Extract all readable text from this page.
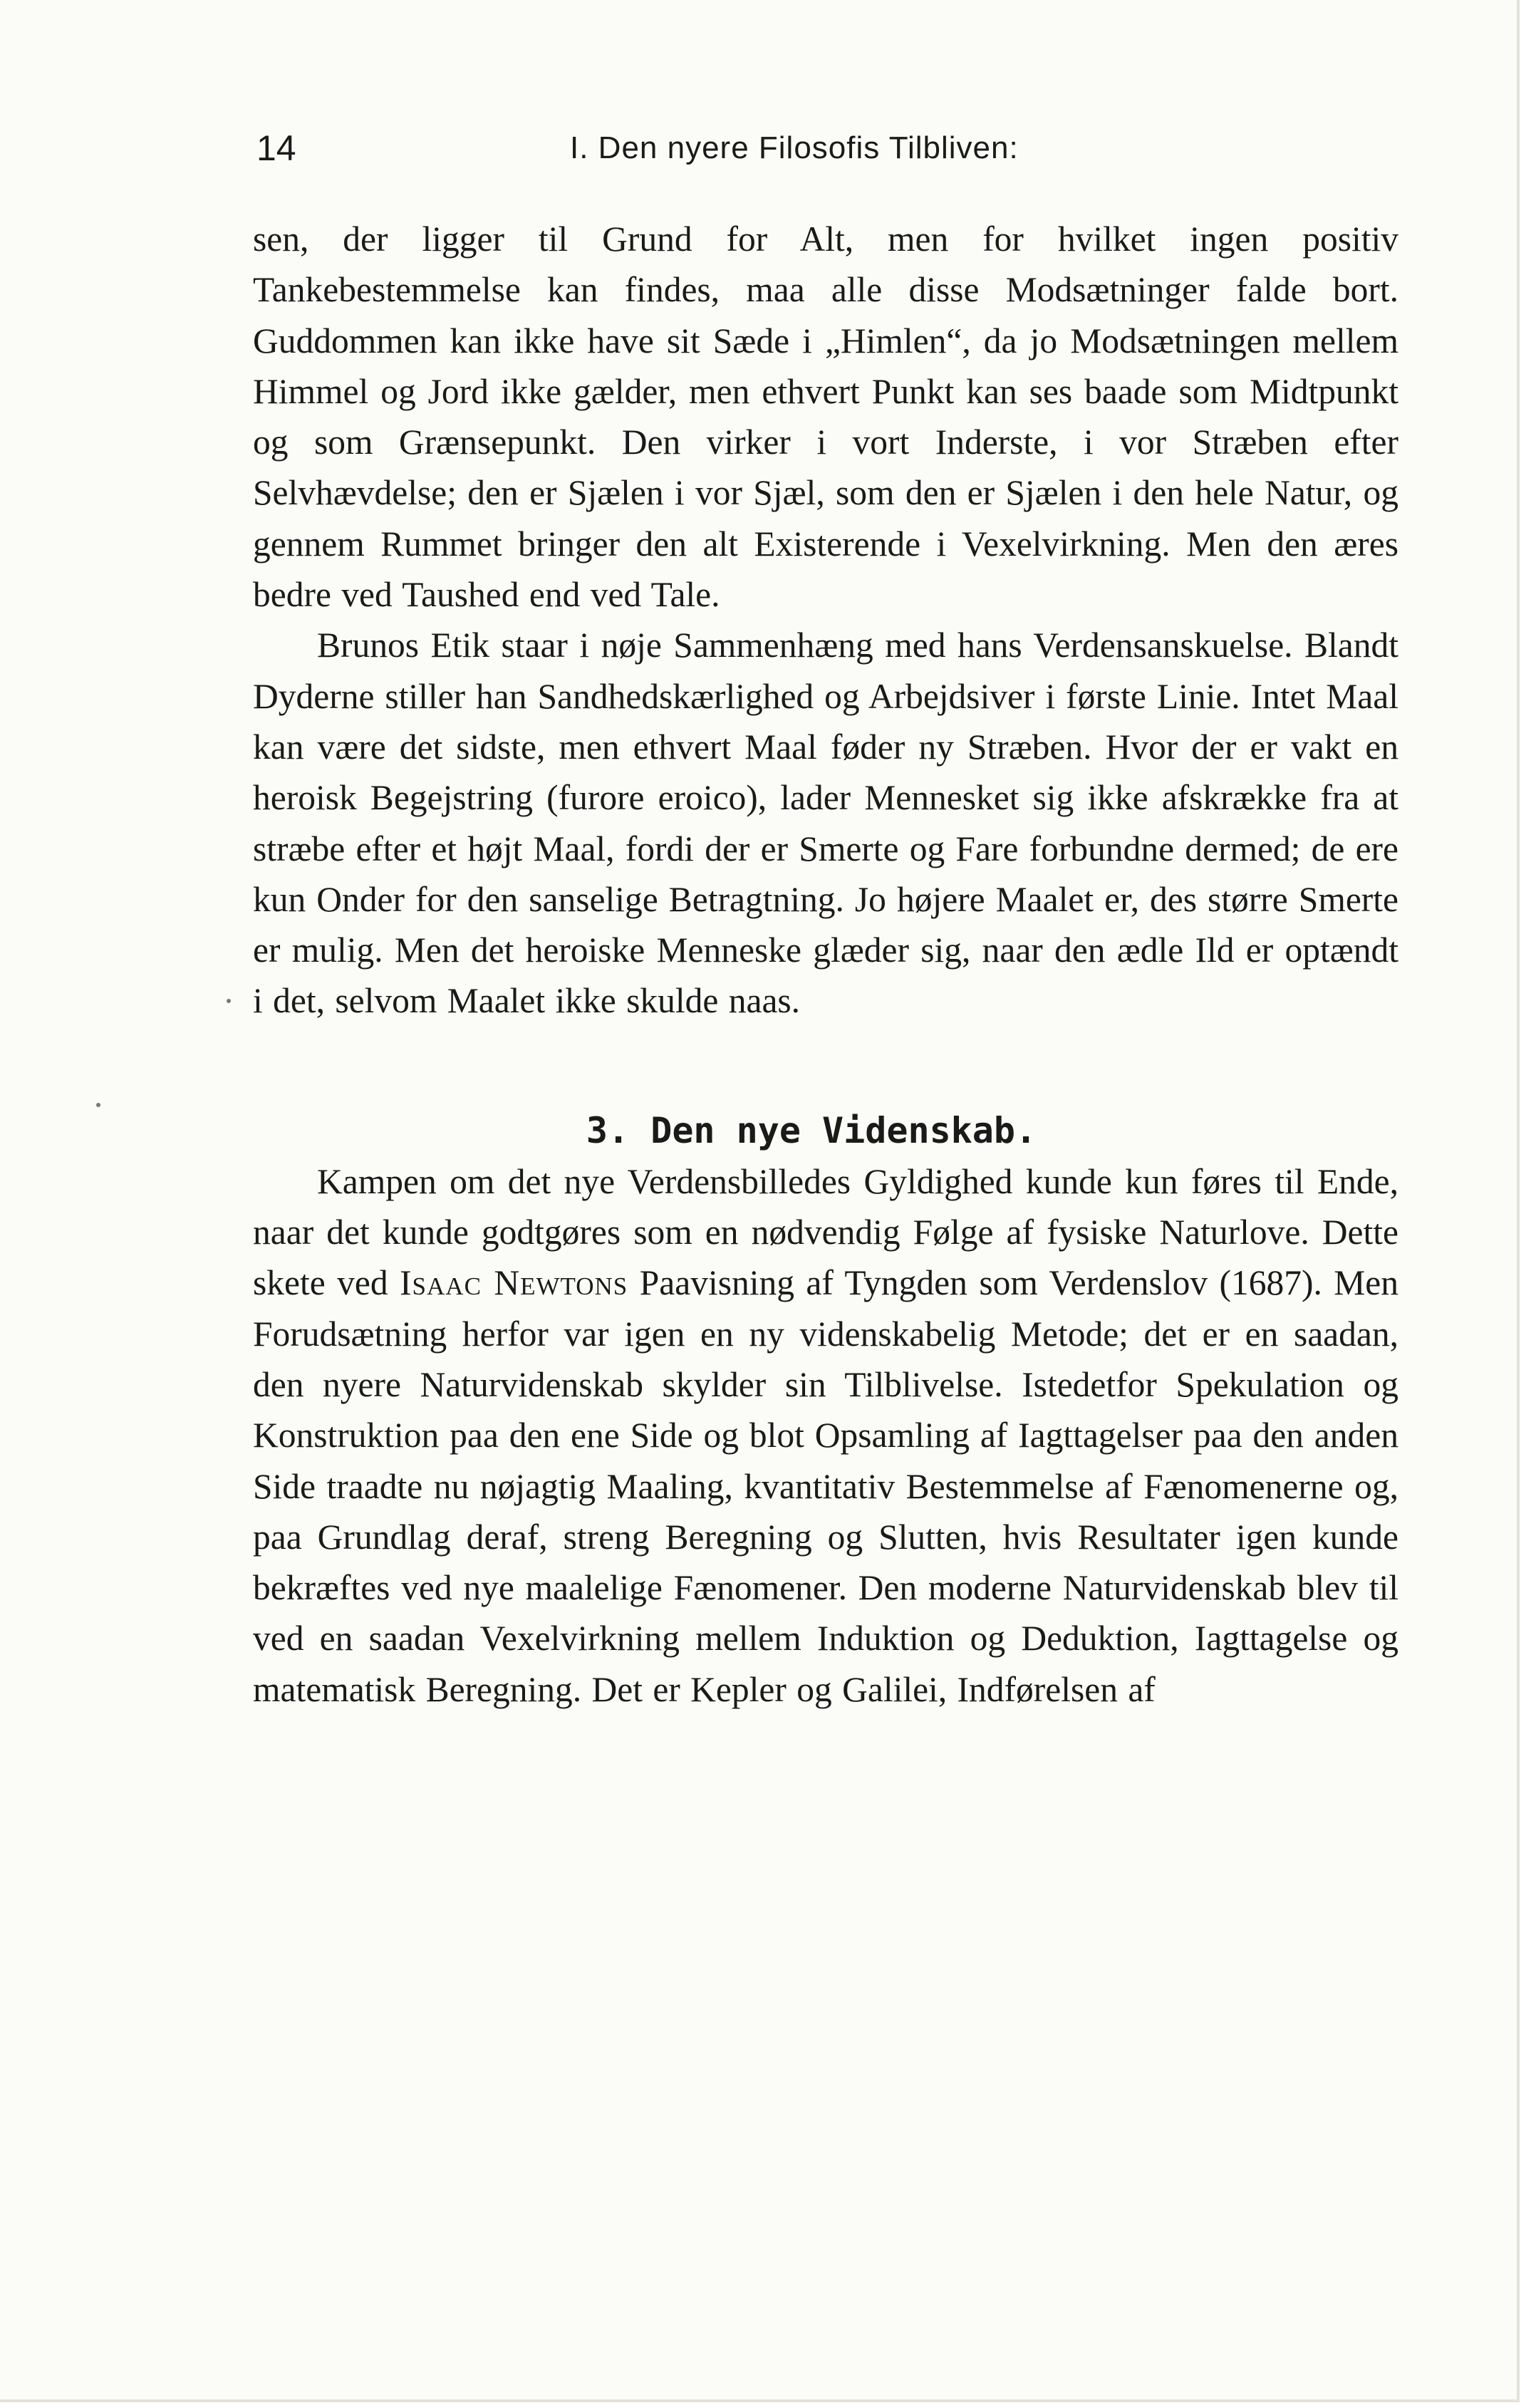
14	I. Den nyere Filosofis Tilbliven:

sen, der ligger til Grund for Alt, men for hvilket ingen positiv Tankebestemmelse kan findes, maa alle disse Modsætninger falde bort. Guddommen kan ikke have sit Sæde i „Himlen“, da jo Modsætningen mellem Himmel og Jord ikke gælder, men ethvert Punkt kan ses baade som Midtpunkt og som Grænsepunkt. Den virker i vort Inderste, i vor Stræben efter Selvhævdelse; den er Sjælen i vor Sjæl, som den er Sjælen i den hele Natur, og gennem Rummet bringer den alt Existerende i Vexelvirkning. Men den æres bedre ved Taushed end ved Tale.

Brunos Etik staar i nøje Sammenhæng med hans Verdensanskuelse. Blandt Dyderne stiller han Sandhedskærlighed og Arbejdsiver i første Linie. Intet Maal kan være det sidste, men ethvert Maal føder ny Stræben. Hvor der er vakt en heroisk Begejstring (furore eroico), lader Mennesket sig ikke afskrække fra at stræbe efter et højt Maal, fordi der er Smerte og Fare forbundne dermed; de ere kun Onder for den sanselige Betragtning. Jo højere Maalet er, des større Smerte er mulig. Men det heroiske Menneske glæder sig, naar den ædle Ild er optændt i det, selvom Maalet ikke skulde naas.

3. Den nye Videnskab.

Kampen om det nye Verdensbilledes Gyldighed kunde kun føres til Ende, naar det kunde godtgøres som en nødvendig Følge af fysiske Naturlove. Dette skete ved Isaac Newtons Paavisning af Tyngden som Verdenslov (1687). Men Forudsætning herfor var igen en ny videnskabelig Metode; det er en saadan, den nyere Naturvidenskab skylder sin Tilblivelse. Istedetfor Spekulation og Konstruktion paa den ene Side og blot Opsamling af Iagttagelser paa den anden Side traadte nu nøjagtig Maaling, kvantitativ Bestemmelse af Fænomenerne og, paa Grundlag deraf, streng Beregning og Slutten, hvis Resultater igen kunde bekræftes ved nye maalelige Fænomener. Den moderne Naturvidenskab blev til ved en saadan Vexelvirkning mellem Induktion og Deduktion, Iagttagelse og matematisk Beregning. Det er Kepler og Galilei, Indførelsen af
